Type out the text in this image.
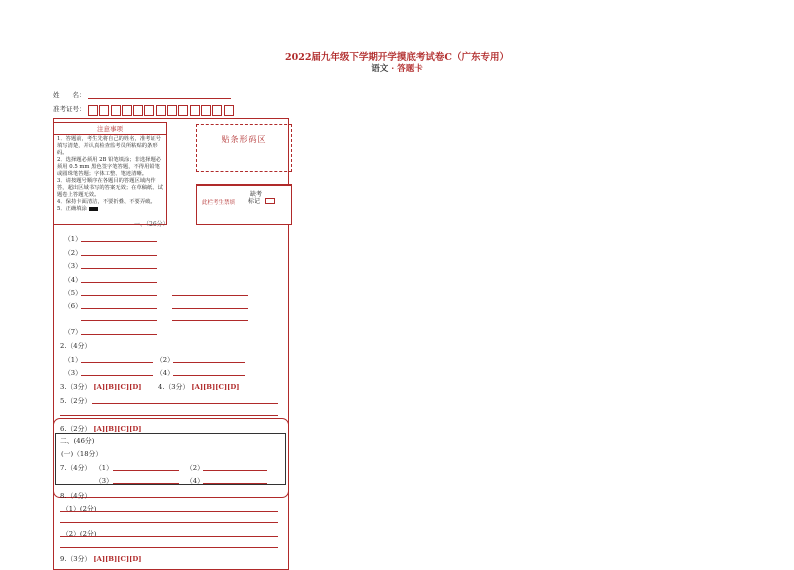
2022届九年级下学期开学摸底考试卷C（广东专用）
语文 · 答题卡
姓　　名：
准考证号：
注意事项
1．答题前，考生先将自己的姓名，准考证号填写清楚，并认真检查监考员所粘贴的条形码。
2．选择题必须用 2B 铅笔填涂；非选择题必须用 0.5 mm 黑色签字笔答题，不得用铅笔或圆珠笔答题；字体工整、笔迹清晰。
3．请按题号顺序在各题目的答题区域内作答，超出区域书写的答案无效；在草稿纸、试题卷上答题无效。
4．保持卡面清洁，不要折叠、不要弄破。
5．正确填涂
贴条形码区
此栏考生禁填
缺考
标记
一、（26分）
（1）
（2）
（3）
（4）
（5）
（6）
（7）
2.（4分）
（1）	（2）
（3）	（4）
3.（3分） [A][B][C][D] 4.（3分） [A][B][C][D]
5.（2分）
6.（2分） [A][B][C][D]
二、(46分)
(一)（18分）
7.（4分） （1）	（2）
（3）	（4）
8.（4分）
（1）(2分)
（2）(2分)
9.（3分） [A][B][C][D]
